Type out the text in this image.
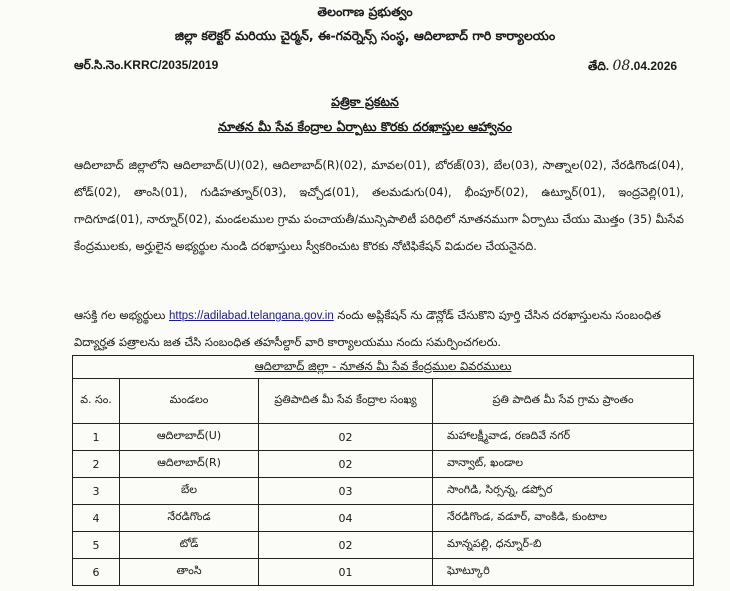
తెలంగాణ ప్రభుత్వం
జిల్లా కలెక్టర్ మరియు చైర్మన్, ఈ-గవర్నెన్స్ సంస్థ, ఆదిలాబాద్ గారి కార్యాలయం
ఆర్.సి.నెం.KRRC/2035/2019	తేది. 08.04.2026
పత్రికా ప్రకటన
నూతన మీ సేవ కేంద్రాల ఏర్పాటు కొరకు దరఖాస్తుల ఆహ్వానం
ఆదిలాబాద్ జిల్లాలోని ఆదిలాబాద్(U)(02), ఆదిలాబాద్(R)(02), మావల(01), బోరజ్(03), బేల(03), సాత్నాల(02), నేరడిగొండ(04), టోడ్(02), తాంసి(01), గుడిహత్నూర్(03), ఇచ్చోడ(01), తలమడుగు(04), భీంపూర్(02), ఉట్నూర్(01), ఇంద్రవెల్లి(01), గాదిగూడ(01), నార్నూర్(02), మండలముల గ్రామ పంచాయతీ/మున్సిపాలిటీ పరిధిలో నూతనముగా ఏర్పాటు చేయు మొత్తం (35) మీసేవ కేంద్రములకు, అర్హులైన అభ్యర్థుల నుండి దరఖాస్తులు స్వీకరించుట కొరకు నోటిఫికేషన్ విడుదల చేయనైనది.
ఆసక్తి గల అభ్యర్థులు https://adilabad.telangana.gov.in నందు అప్లికేషన్ ను డౌన్లోడ్ చేసుకొని పూర్తి చేసిన దరఖాస్తులను సంబంధిత విద్యార్హత పత్రాలను జత చేసి సంబంధిత తహసీల్దార్ వారి కార్యాలయము నందు సమర్పించగలరు.
ఆదిలాబాద్ జిల్లా - నూతన మీ సేవ కేంద్రముల వివరములు			
వ. సం.	మండలం	ప్రతిపాదిత మీ సేవ కేంద్రాల సంఖ్య	ప్రతి పాదిత మీ సేవ గ్రామ ప్రాంతం
1	ఆదిలాబాద్(U)	02	మహాలక్ష్మీవాడ, రణదివే నగర్
2	ఆదిలాబాద్(R)	02	వాన్వాట్, ఖండాల
3	బేల	03	సాంగిడి, సిర్సన్న, డప్పోర
4	నేరడిగొండ	04	నేరడిగొండ, వడూర్, వాంకిడి, కుంటాల
5	టోడ్	02	మాన్నపల్లి, ధన్నూర్-బి
6	తాంసి	01	ఘోట్కూరి
